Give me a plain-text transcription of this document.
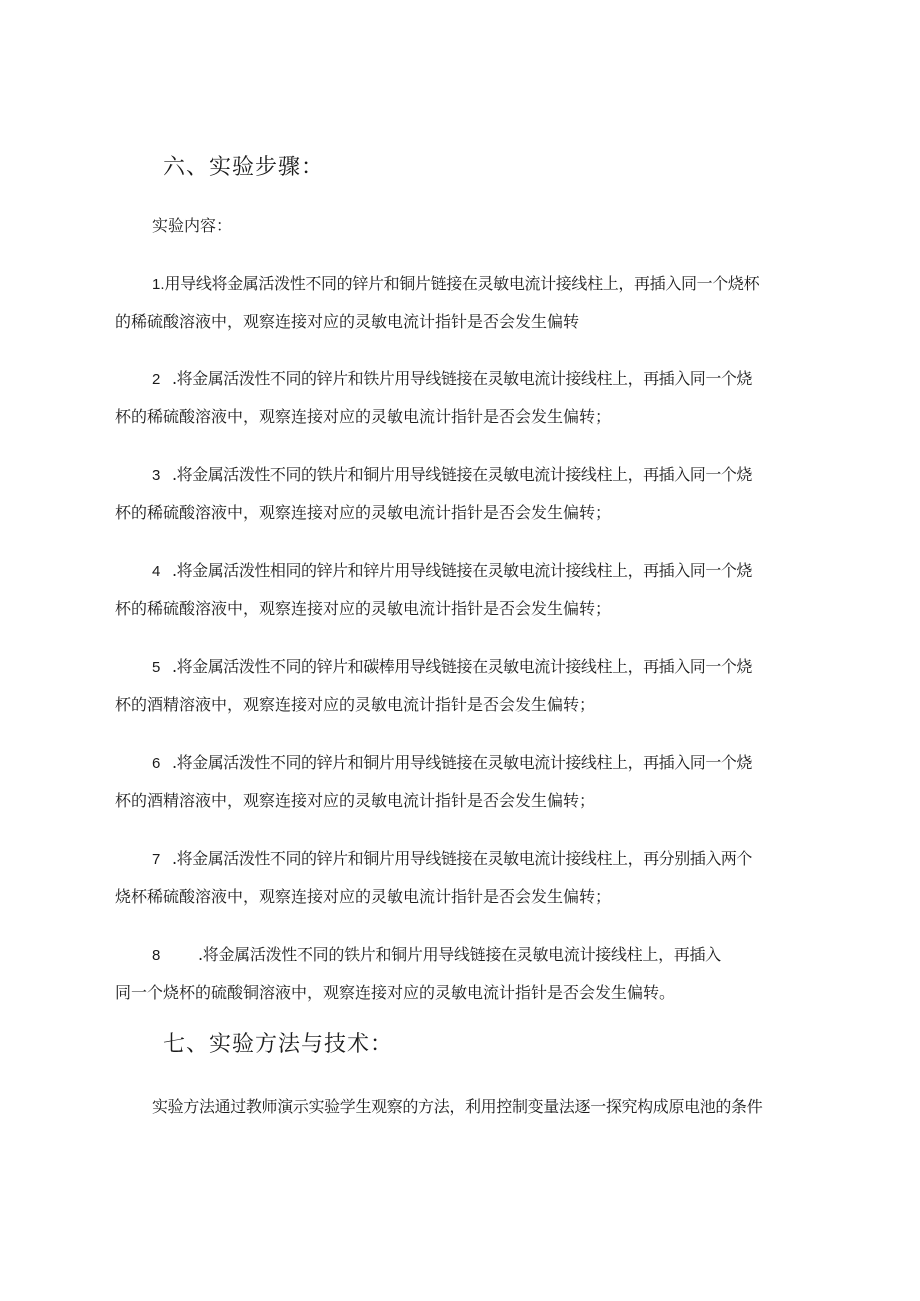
六、实验步骤：

实验内容：

1.用导线将金属活泼性不同的锌片和铜片链接在灵敏电流计接线柱上，再插入同一个烧杯
的稀硫酸溶液中，观察连接对应的灵敏电流计指针是否会发生偏转
2 .将金属活泼性不同的锌片和铁片用导线链接在灵敏电流计接线柱上，再插入同一个烧
杯的稀硫酸溶液中，观察连接对应的灵敏电流计指针是否会发生偏转；
3 .将金属活泼性不同的铁片和铜片用导线链接在灵敏电流计接线柱上，再插入同一个烧
杯的稀硫酸溶液中，观察连接对应的灵敏电流计指针是否会发生偏转；
4 .将金属活泼性相同的锌片和锌片用导线链接在灵敏电流计接线柱上，再插入同一个烧
杯的稀硫酸溶液中，观察连接对应的灵敏电流计指针是否会发生偏转；
5 .将金属活泼性不同的锌片和碳棒用导线链接在灵敏电流计接线柱上，再插入同一个烧
杯的酒精溶液中，观察连接对应的灵敏电流计指针是否会发生偏转；
6 .将金属活泼性不同的锌片和铜片用导线链接在灵敏电流计接线柱上，再插入同一个烧
杯的酒精溶液中，观察连接对应的灵敏电流计指针是否会发生偏转；
7 .将金属活泼性不同的锌片和铜片用导线链接在灵敏电流计接线柱上，再分别插入两个
烧杯稀硫酸溶液中，观察连接对应的灵敏电流计指针是否会发生偏转；
8 .将金属活泼性不同的铁片和铜片用导线链接在灵敏电流计接线柱上，再插入
同一个烧杯的硫酸铜溶液中，观察连接对应的灵敏电流计指针是否会发生偏转。
七、实验方法与技术：

实验方法通过教师演示实验学生观察的方法，利用控制变量法逐一探究构成原电池的条件
